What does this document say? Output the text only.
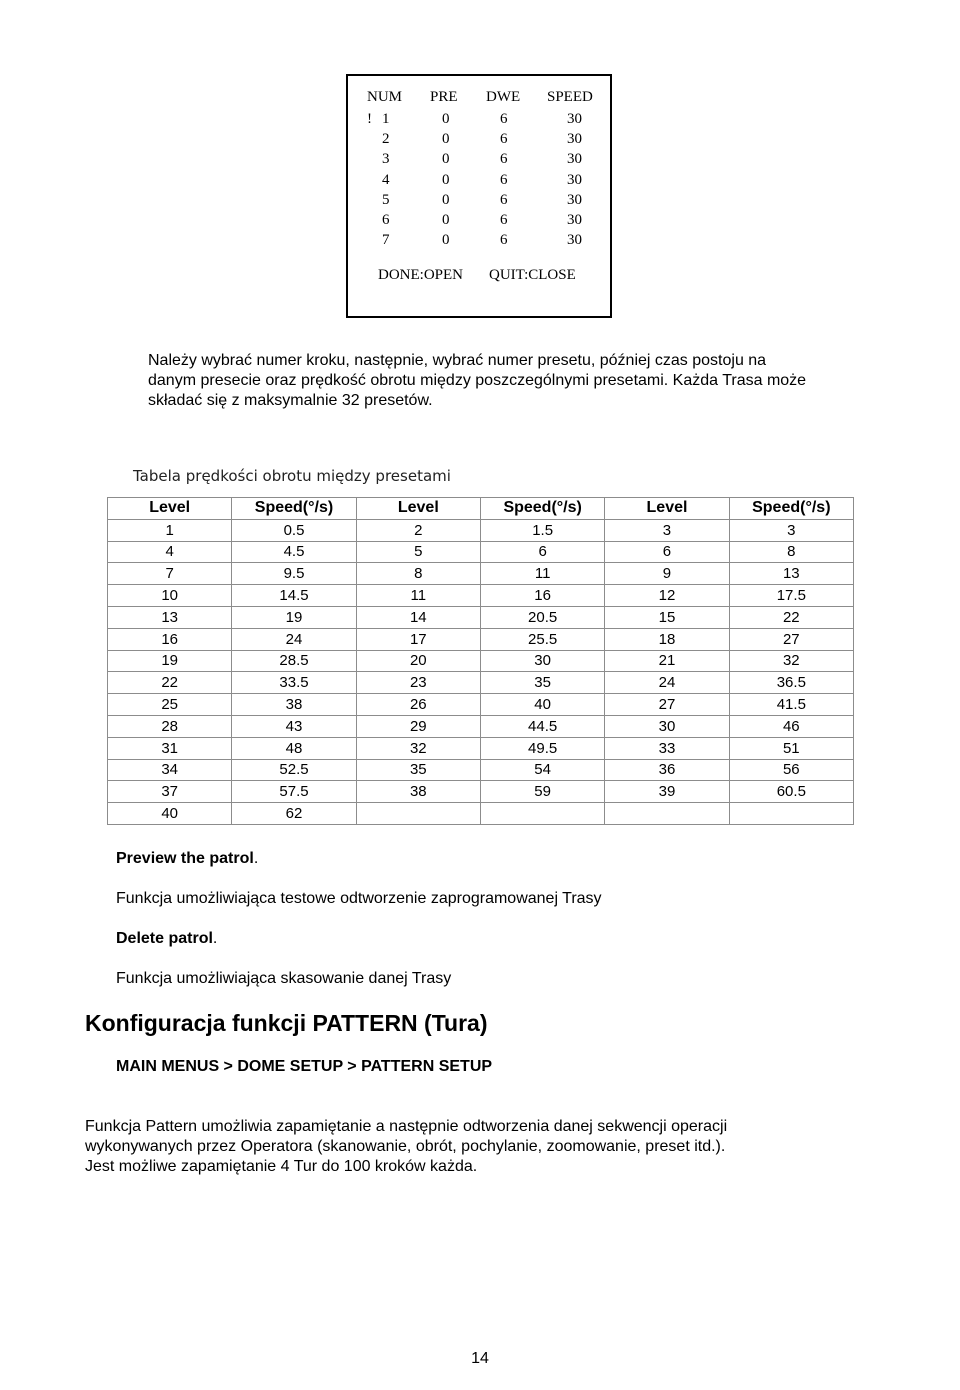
NUM PRE DWE SPEED
! 1	0	6	30
2	0	6	30
3	0	6	30
4	0	6	30
5	0	6	30
6	0	6	30
7	0	6	30
DONE:OPEN QUIT:CLOSE

Należy wybrać numer kroku, następnie, wybrać numer presetu, później czas postoju na

danym presecie oraz prędkość obrotu między poszczególnymi presetami. Każda Trasa może

składać się z maksymalnie 32 presetów.

Tabela prędkości obrotu między presetami
Level	Speed(°/s)	Level	Speed(°/s)	Level	Speed(°/s)
1	0.5	2	1.5	3	3
4	4.5	5	6	6	8
7	9.5	8	11	9	13
10	14.5	11	16	12	17.5
13	19	14	20.5	15	22
16	24	17	25.5	18	27
19	28.5	20	30	21	32
22	33.5	23	35	24	36.5
25	38	26	40	27	41.5
28	43	29	44.5	30	46
31	48	32	49.5	33	51
34	52.5	35	54	36	56
37	57.5	38	59	39	60.5
40	62				
Preview the patrol.
Funkcja umożliwiająca testowe odtworzenie zaprogramowanej Trasy
Delete patrol.
Funkcja umożliwiająca skasowanie danej Trasy
Konfiguracja funkcji PATTERN (Tura)
MAIN MENUS > DOME SETUP > PATTERN SETUP

Funkcja Pattern umożliwia zapamiętanie a następnie odtworzenia danej sekwencji operacji

wykonywanych przez Operatora (skanowanie, obrót, pochylanie, zoomowanie, preset itd.).

Jest możliwe zapamiętanie 4 Tur do 100 kroków każda.

14
